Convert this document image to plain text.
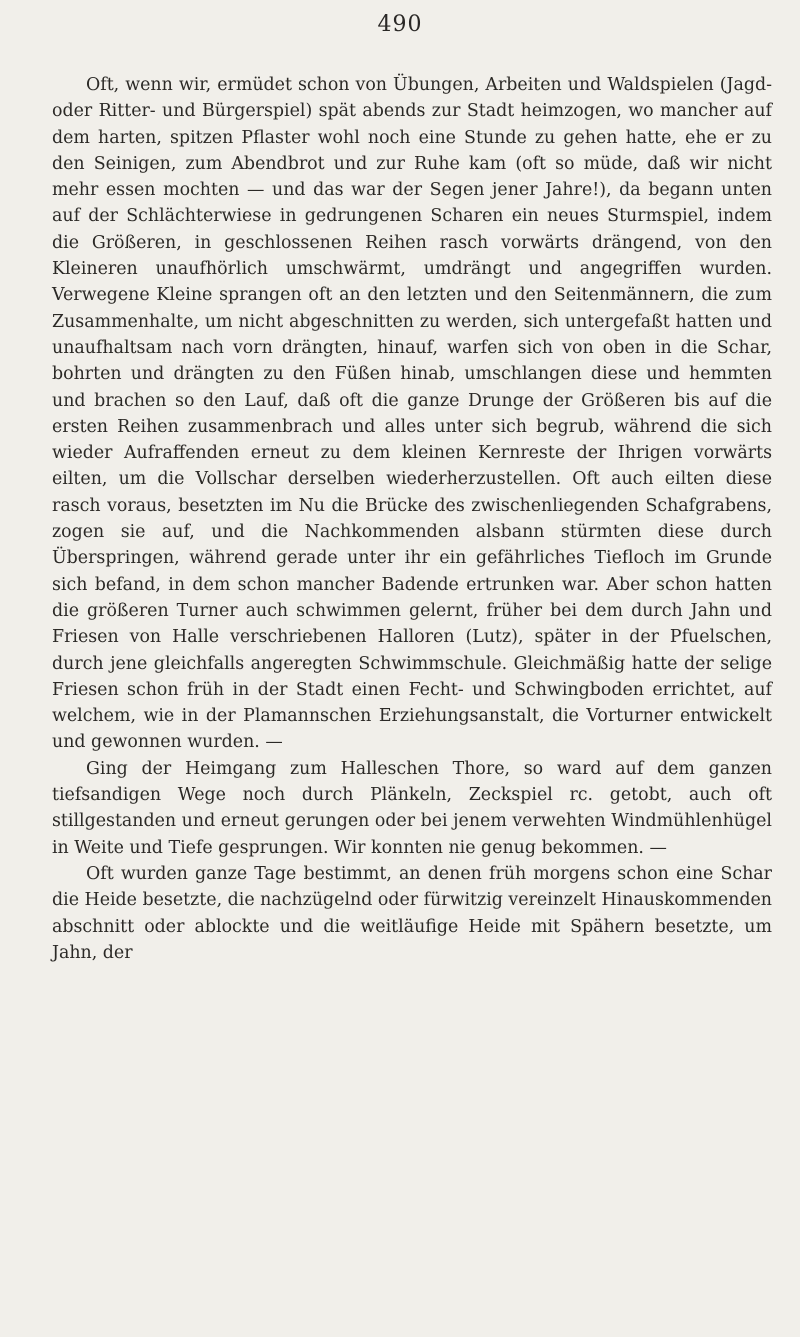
490

Oft, wenn wir, ermüdet schon von Übungen, Arbeiten und Waldspielen (Jagd- oder Ritter- und Bürgerspiel) spät abends zur Stadt heimzogen, wo mancher auf dem harten, spitzen Pflaster wohl noch eine Stunde zu gehen hatte, ehe er zu den Seinigen, zum Abendbrot und zur Ruhe kam (oft so müde, daß wir nicht mehr essen mochten — und das war der Segen jener Jahre!), da begann unten auf der Schlächterwiese in gedrungenen Scharen ein neues Sturmspiel, indem die Größeren, in geschlossenen Reihen rasch vorwärts drängend, von den Kleineren unaufhörlich umschwärmt, umdrängt und angegriffen wurden. Verwegene Kleine sprangen oft an den letzten und den Seitenmännern, die zum Zusammenhalte, um nicht abgeschnitten zu werden, sich untergefaßt hatten und unaufhaltsam nach vorn drängten, hinauf, warfen sich von oben in die Schar, bohrten und drängten zu den Füßen hinab, umschlangen diese und hemmten und brachen so den Lauf, daß oft die ganze Drunge der Größeren bis auf die ersten Reihen zusammenbrach und alles unter sich begrub, während die sich wieder Aufraffenden erneut zu dem kleinen Kernreste der Ihrigen vorwärts eilten, um die Vollschar derselben wiederherzustellen. Oft auch eilten diese rasch voraus, besetzten im Nu die Brücke des zwischenliegenden Schafgrabens, zogen sie auf, und die Nachkommenden alsbann stürmten diese durch Überspringen, während gerade unter ihr ein gefährliches Tiefloch im Grunde sich befand, in dem schon mancher Badende ertrunken war. Aber schon hatten die größeren Turner auch schwimmen gelernt, früher bei dem durch Jahn und Friesen von Halle verschriebenen Halloren (Lutz), später in der Pfuelschen, durch jene gleichfalls angeregten Schwimmschule. Gleichmäßig hatte der selige Friesen schon früh in der Stadt einen Fecht- und Schwingboden errichtet, auf welchem, wie in der Plamannschen Erziehungsanstalt, die Vorturner entwickelt und gewonnen wurden. —

Ging der Heimgang zum Halleschen Thore, so ward auf dem ganzen tiefsandigen Wege noch durch Plänkeln, Zeckspiel rc. getobt, auch oft stillgestanden und erneut gerungen oder bei jenem verwehten Windmühlenhügel in Weite und Tiefe gesprungen. Wir konnten nie genug bekommen. —

Oft wurden ganze Tage bestimmt, an denen früh morgens schon eine Schar die Heide besetzte, die nachzügelnd oder fürwitzig vereinzelt Hinauskommenden abschnitt oder ablockte und die weitläufige Heide mit Spähern besetzte, um Jahn, der
